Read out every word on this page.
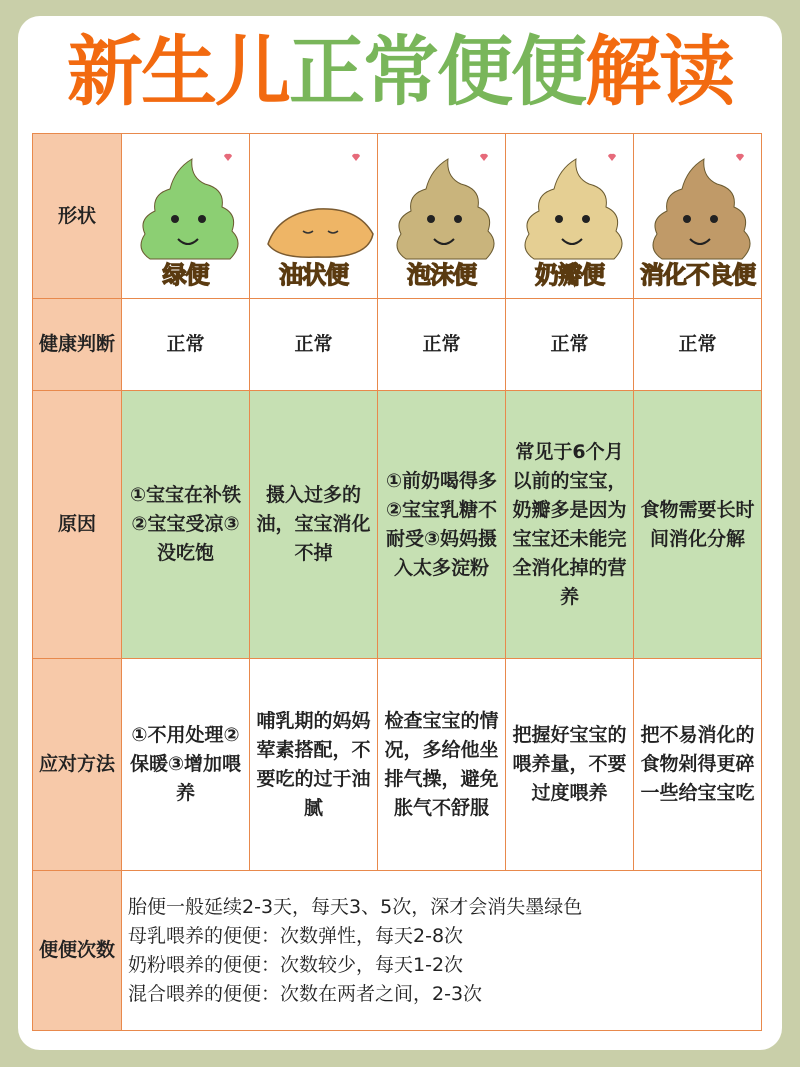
新生儿正常便便解读
形状	绿便	油状便	泡沫便	奶瓣便	消化不良便

健康判断	正常	正常	正常	正常	正常
原因	①宝宝在补铁②宝宝受凉③没吃饱	摄入过多的油，宝宝消化不掉	①前奶喝得多②宝宝乳糖不耐受③妈妈摄入太多淀粉	常见于6个月以前的宝宝，奶瓣多是因为宝宝还未能完全消化掉的营养	食物需要长时间消化分解
应对方法	①不用处理②保暖③增加喂养	哺乳期的妈妈荤素搭配，不要吃的过于油腻	检查宝宝的情况，多给他坐排气操，避免胀气不舒服	把握好宝宝的喂养量，不要过度喂养	把不易消化的食物剁得更碎一些给宝宝吃
便便次数	胎便一般延续2-3天，每天3、5次，深才会消失墨绿色
母乳喂养的便便：次数弹性，每天2-8次
奶粉喂养的便便：次数较少，每天1-2次
混合喂养的便便：次数在两者之间，2-3次				
